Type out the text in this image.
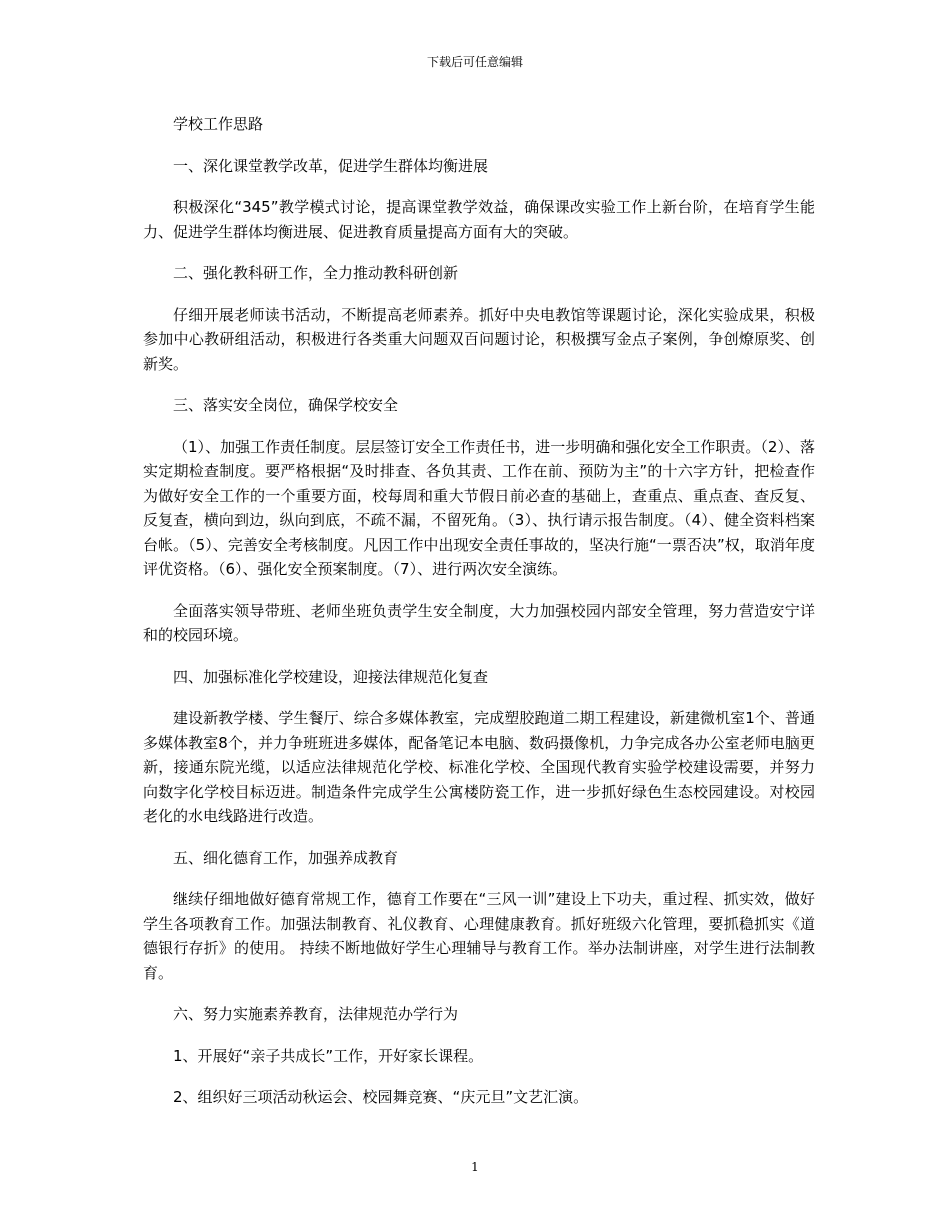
下载后可任意编辑

学校工作思路

一、深化课堂教学改革，促进学生群体均衡进展

积极深化“345”教学模式讨论，提高课堂教学效益，确保课改实验工作上新台阶，在培育学生能力、促进学生群体均衡进展、促进教育质量提高方面有大的突破。

二、强化教科研工作，全力推动教科研创新

仔细开展老师读书活动，不断提高老师素养。抓好中央电教馆等课题讨论，深化实验成果，积极参加中心教研组活动，积极进行各类重大问题双百问题讨论，积极撰写金点子案例，争创燎原奖、创新奖。

三、落实安全岗位，确保学校安全

（1）、加强工作责任制度。层层签订安全工作责任书，进一步明确和强化安全工作职责。（2）、落实定期检查制度。要严格根据“及时排查、各负其责、工作在前、预防为主”的十六字方针，把检查作为做好安全工作的一个重要方面，校每周和重大节假日前必查的基础上，查重点、重点查、查反复、反复查，横向到边，纵向到底，不疏不漏，不留死角。（3）、执行请示报告制度。（4）、健全资料档案台帐。（5）、完善安全考核制度。凡因工作中出现安全责任事故的，坚决行施“一票否决”权，取消年度评优资格。（6）、强化安全预案制度。（7）、进行两次安全演练。

全面落实领导带班、老师坐班负责学生安全制度，大力加强校园内部安全管理，努力营造安宁详和的校园环境。

四、加强标准化学校建设，迎接法律规范化复查

建设新教学楼、学生餐厅、综合多媒体教室，完成塑胶跑道二期工程建设，新建微机室1个、普通多媒体教室8个，并力争班班进多媒体，配备笔记本电脑、数码摄像机，力争完成各办公室老师电脑更新，接通东院光缆，以适应法律规范化学校、标准化学校、全国现代教育实验学校建设需要，并努力向数字化学校目标迈进。制造条件完成学生公寓楼防瓷工作，进一步抓好绿色生态校园建设。对校园老化的水电线路进行改造。

五、细化德育工作，加强养成教育

继续仔细地做好德育常规工作，德育工作要在“三风一训”建设上下功夫，重过程、抓实效，做好学生各项教育工作。加强法制教育、礼仪教育、心理健康教育。抓好班级六化管理，要抓稳抓实《道德银行存折》的使用。 持续不断地做好学生心理辅导与教育工作。举办法制讲座，对学生进行法制教育。

六、努力实施素养教育，法律规范办学行为

1、开展好“亲子共成长”工作，开好家长课程。

2、组织好三项活动秋运会、校园舞竞赛、“庆元旦”文艺汇演。

1
